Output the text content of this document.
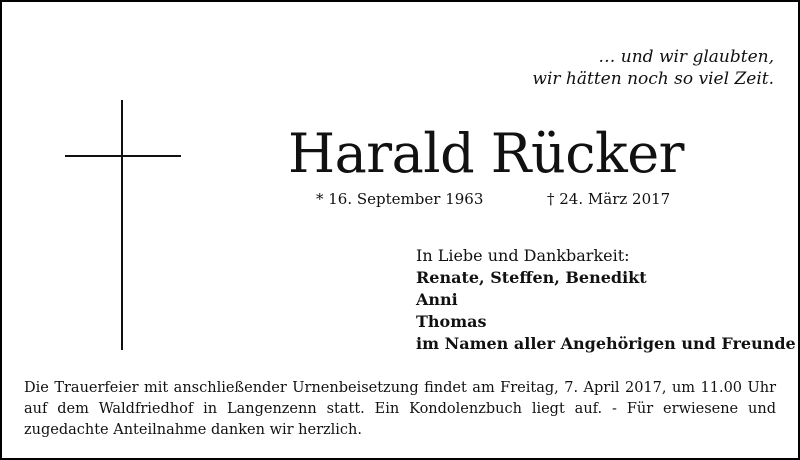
… und wir glaubten,
wir hätten noch so viel Zeit.
Harald Rücker
* 16. September 1963	† 24. März 2017
In Liebe und Dankbarkeit:
Renate, Steffen, Benedikt
Anni
Thomas
im Namen aller Angehörigen und Freunde
Die Trauerfeier mit anschließender Urnenbeisetzung findet am Freitag, 7. April 2017, um 11.00 Uhr auf dem Waldfriedhof in Langenzenn statt. Ein Kondolenzbuch liegt auf. - Für erwiesene und zugedachte Anteilnahme danken wir herzlich.
